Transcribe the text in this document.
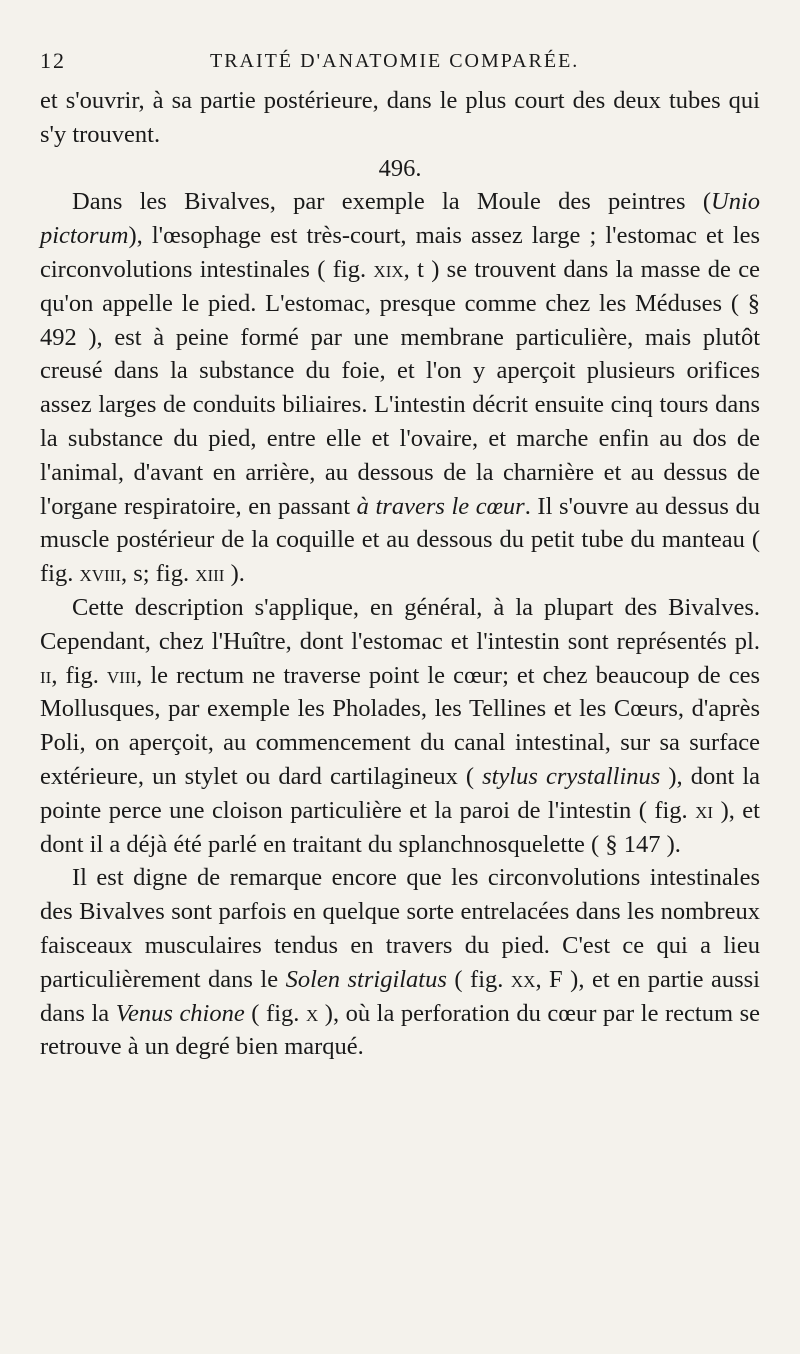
12	TRAITÉ D'ANATOMIE COMPARÉE.

et s'ouvrir, à sa partie postérieure, dans le plus court des deux tubes qui s'y trouvent.

496.

Dans les Bivalves, par exemple la Moule des peintres (Unio pictorum), l'œsophage est très-court, mais assez large ; l'estomac et les circonvolutions intestinales ( fig. xix, t ) se trouvent dans la masse de ce qu'on appelle le pied. L'estomac, presque comme chez les Méduses ( § 492 ), est à peine formé par une membrane particulière, mais plutôt creusé dans la substance du foie, et l'on y aperçoit plusieurs orifices assez larges de conduits biliaires. L'intestin décrit ensuite cinq tours dans la substance du pied, entre elle et l'ovaire, et marche enfin au dos de l'animal, d'avant en arrière, au dessous de la charnière et au dessus de l'organe respiratoire, en passant à travers le cœur. Il s'ouvre au dessus du muscle postérieur de la coquille et au dessous du petit tube du manteau ( fig. xviii, s; fig. xiii ).

Cette description s'applique, en général, à la plupart des Bivalves. Cependant, chez l'Huître, dont l'estomac et l'intestin sont représentés pl. ii, fig. viii, le rectum ne traverse point le cœur; et chez beaucoup de ces Mollusques, par exemple les Pholades, les Tellines et les Cœurs, d'après Poli, on aperçoit, au commencement du canal intestinal, sur sa surface extérieure, un stylet ou dard cartilagineux ( stylus crystallinus ), dont la pointe perce une cloison particulière et la paroi de l'intestin ( fig. xi ), et dont il a déjà été parlé en traitant du splanchnosquelette ( § 147 ).

Il est digne de remarque encore que les circonvolutions intestinales des Bivalves sont parfois en quelque sorte entrelacées dans les nombreux faisceaux musculaires tendus en travers du pied. C'est ce qui a lieu particulièrement dans le Solen strigilatus ( fig. xx, F ), et en partie aussi dans la Venus chione ( fig. x ), où la perforation du cœur par le rectum se retrouve à un degré bien marqué.
